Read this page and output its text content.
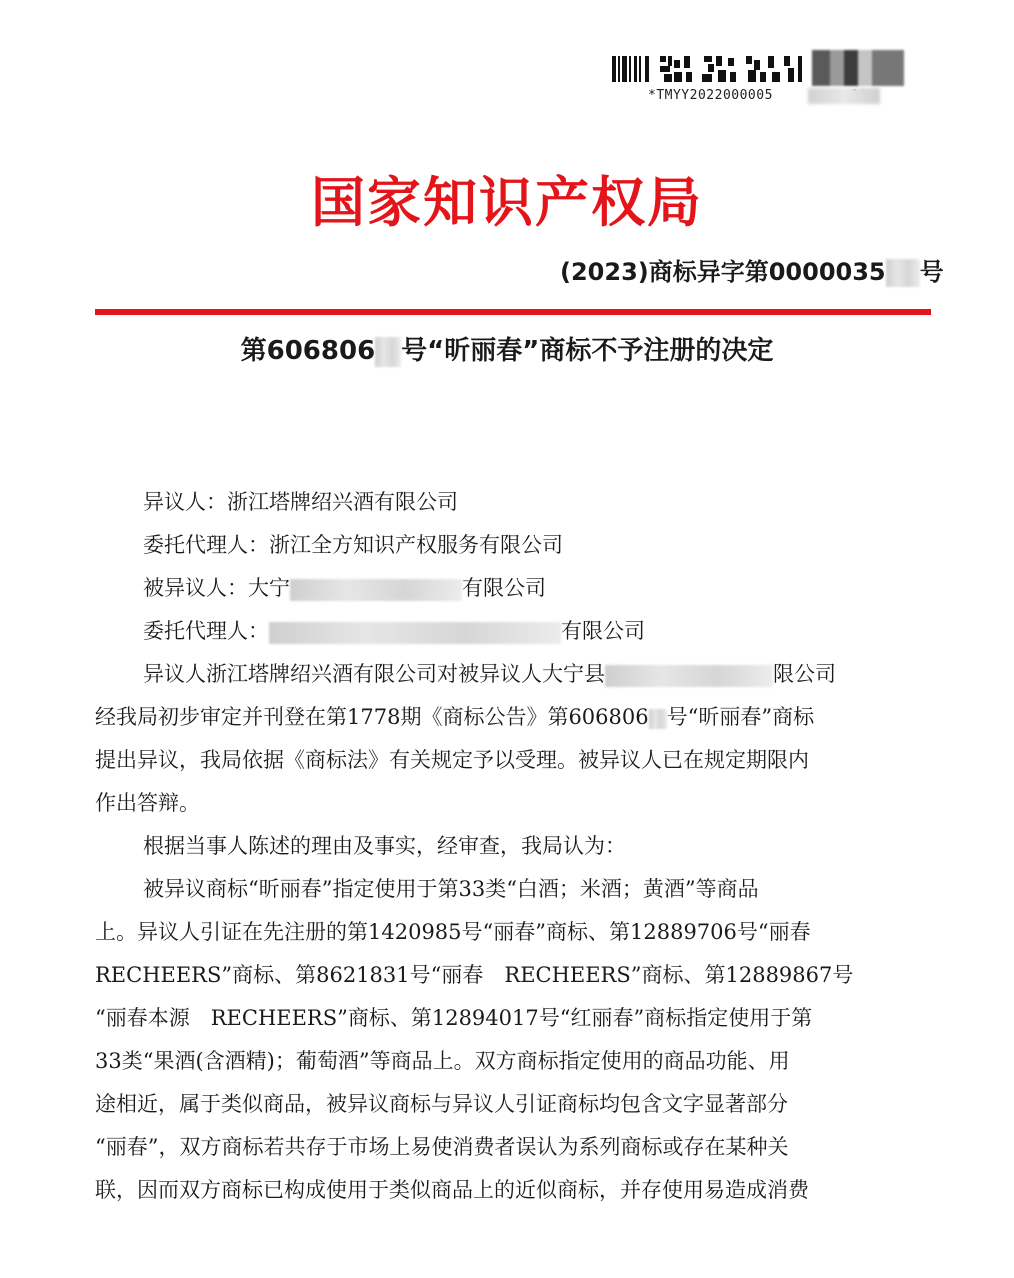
*TMYY2022000005
国家知识产权局
(2023)商标异字第0000035 号
第606806 号“昕丽春”商标不予注册的决定
异议人：浙江塔牌绍兴酒有限公司
委托代理人：浙江全方知识产权服务有限公司
被异议人：大宁	有限公司
委托代理人：	有限公司
异议人浙江塔牌绍兴酒有限公司对被异议人大宁县	限公司
经我局初步审定并刊登在第1778期《商标公告》第606806 号“昕丽春”商标
提出异议，我局依据《商标法》有关规定予以受理。被异议人已在规定期限内
作出答辩。
根据当事人陈述的理由及事实，经审查，我局认为：
被异议商标“昕丽春”指定使用于第33类“白酒；米酒；黄酒”等商品
上。异议人引证在先注册的第1420985号“丽春”商标、第12889706号“丽春
RECHEERS”商标、第8621831号“丽春　RECHEERS”商标、第12889867号
“丽春本源　RECHEERS”商标、第12894017号“红丽春”商标指定使用于第
33类“果酒(含酒精)；葡萄酒”等商品上。双方商标指定使用的商品功能、用
途相近，属于类似商品，被异议商标与异议人引证商标均包含文字显著部分
“丽春”，双方商标若共存于市场上易使消费者误认为系列商标或存在某种关
联，因而双方商标已构成使用于类似商品上的近似商标，并存使用易造成消费
